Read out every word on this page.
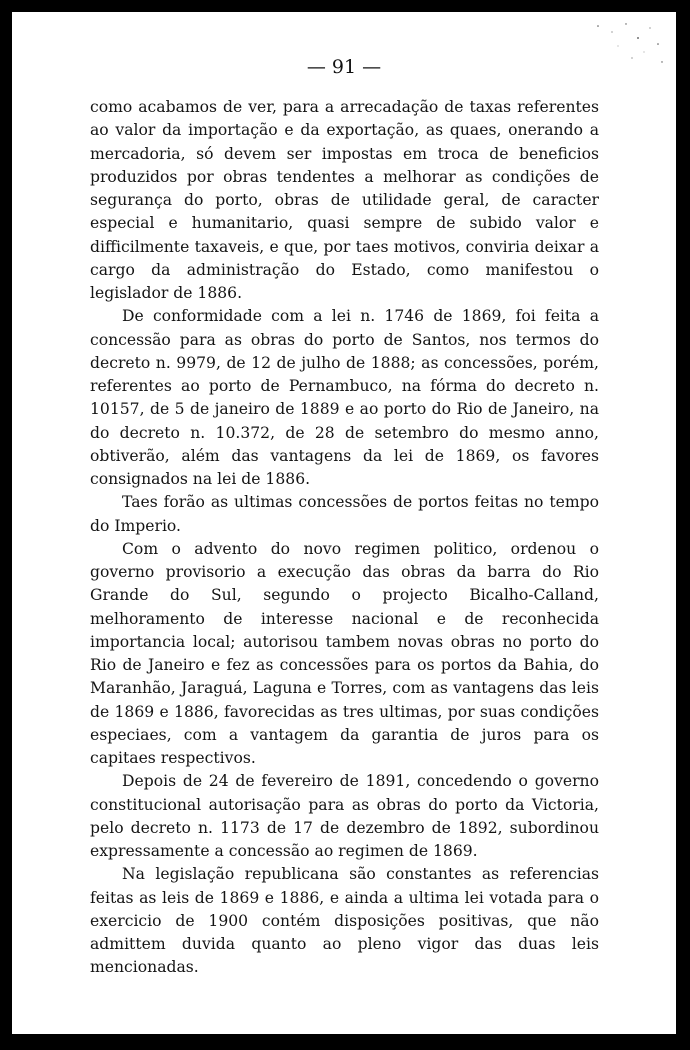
— 91 —

como acabamos de ver, para a arrecadação de taxas referentes ao valor da importação e da exportação, as quaes, onerando a mercadoria, só devem ser impostas em troca de beneficios produzidos por obras tendentes a melhorar as condições de segurança do porto, obras de utilidade geral, de caracter especial e humanitario, quasi sempre de subido valor e difficilmente taxaveis, e que, por taes motivos, conviria deixar a cargo da administração do Estado, como manifestou o legislador de 1886.

De conformidade com a lei n. 1746 de 1869, foi feita a concessão para as obras do porto de Santos, nos termos do decreto n. 9979, de 12 de julho de 1888; as concessões, porém, referentes ao porto de Pernambuco, na fórma do decreto n. 10157, de 5 de janeiro de 1889 e ao porto do Rio de Janeiro, na do decreto n. 10.372, de 28 de setembro do mesmo anno, obtiverão, além das vantagens da lei de 1869, os favores consignados na lei de 1886.

Taes forão as ultimas concessões de portos feitas no tempo do Imperio.

Com o advento do novo regimen politico, ordenou o governo provisorio a execução das obras da barra do Rio Grande do Sul, segundo o projecto Bicalho-Calland, melhoramento de interesse nacional e de reconhecida importancia local; autorisou tambem novas obras no porto do Rio de Janeiro e fez as concessões para os portos da Bahia, do Maranhão, Jaraguá, Laguna e Torres, com as vantagens das leis de 1869 e 1886, favorecidas as tres ultimas, por suas condições especiaes, com a vantagem da garantia de juros para os capitaes respectivos.

Depois de 24 de fevereiro de 1891, concedendo o governo constitucional autorisação para as obras do porto da Victoria, pelo decreto n. 1173 de 17 de dezembro de 1892, subordinou expressamente a concessão ao regimen de 1869.

Na legislação republicana são constantes as referencias feitas as leis de 1869 e 1886, e ainda a ultima lei votada para o exercicio de 1900 contém disposições positivas, que não admittem duvida quanto ao pleno vigor das duas leis mencionadas.
